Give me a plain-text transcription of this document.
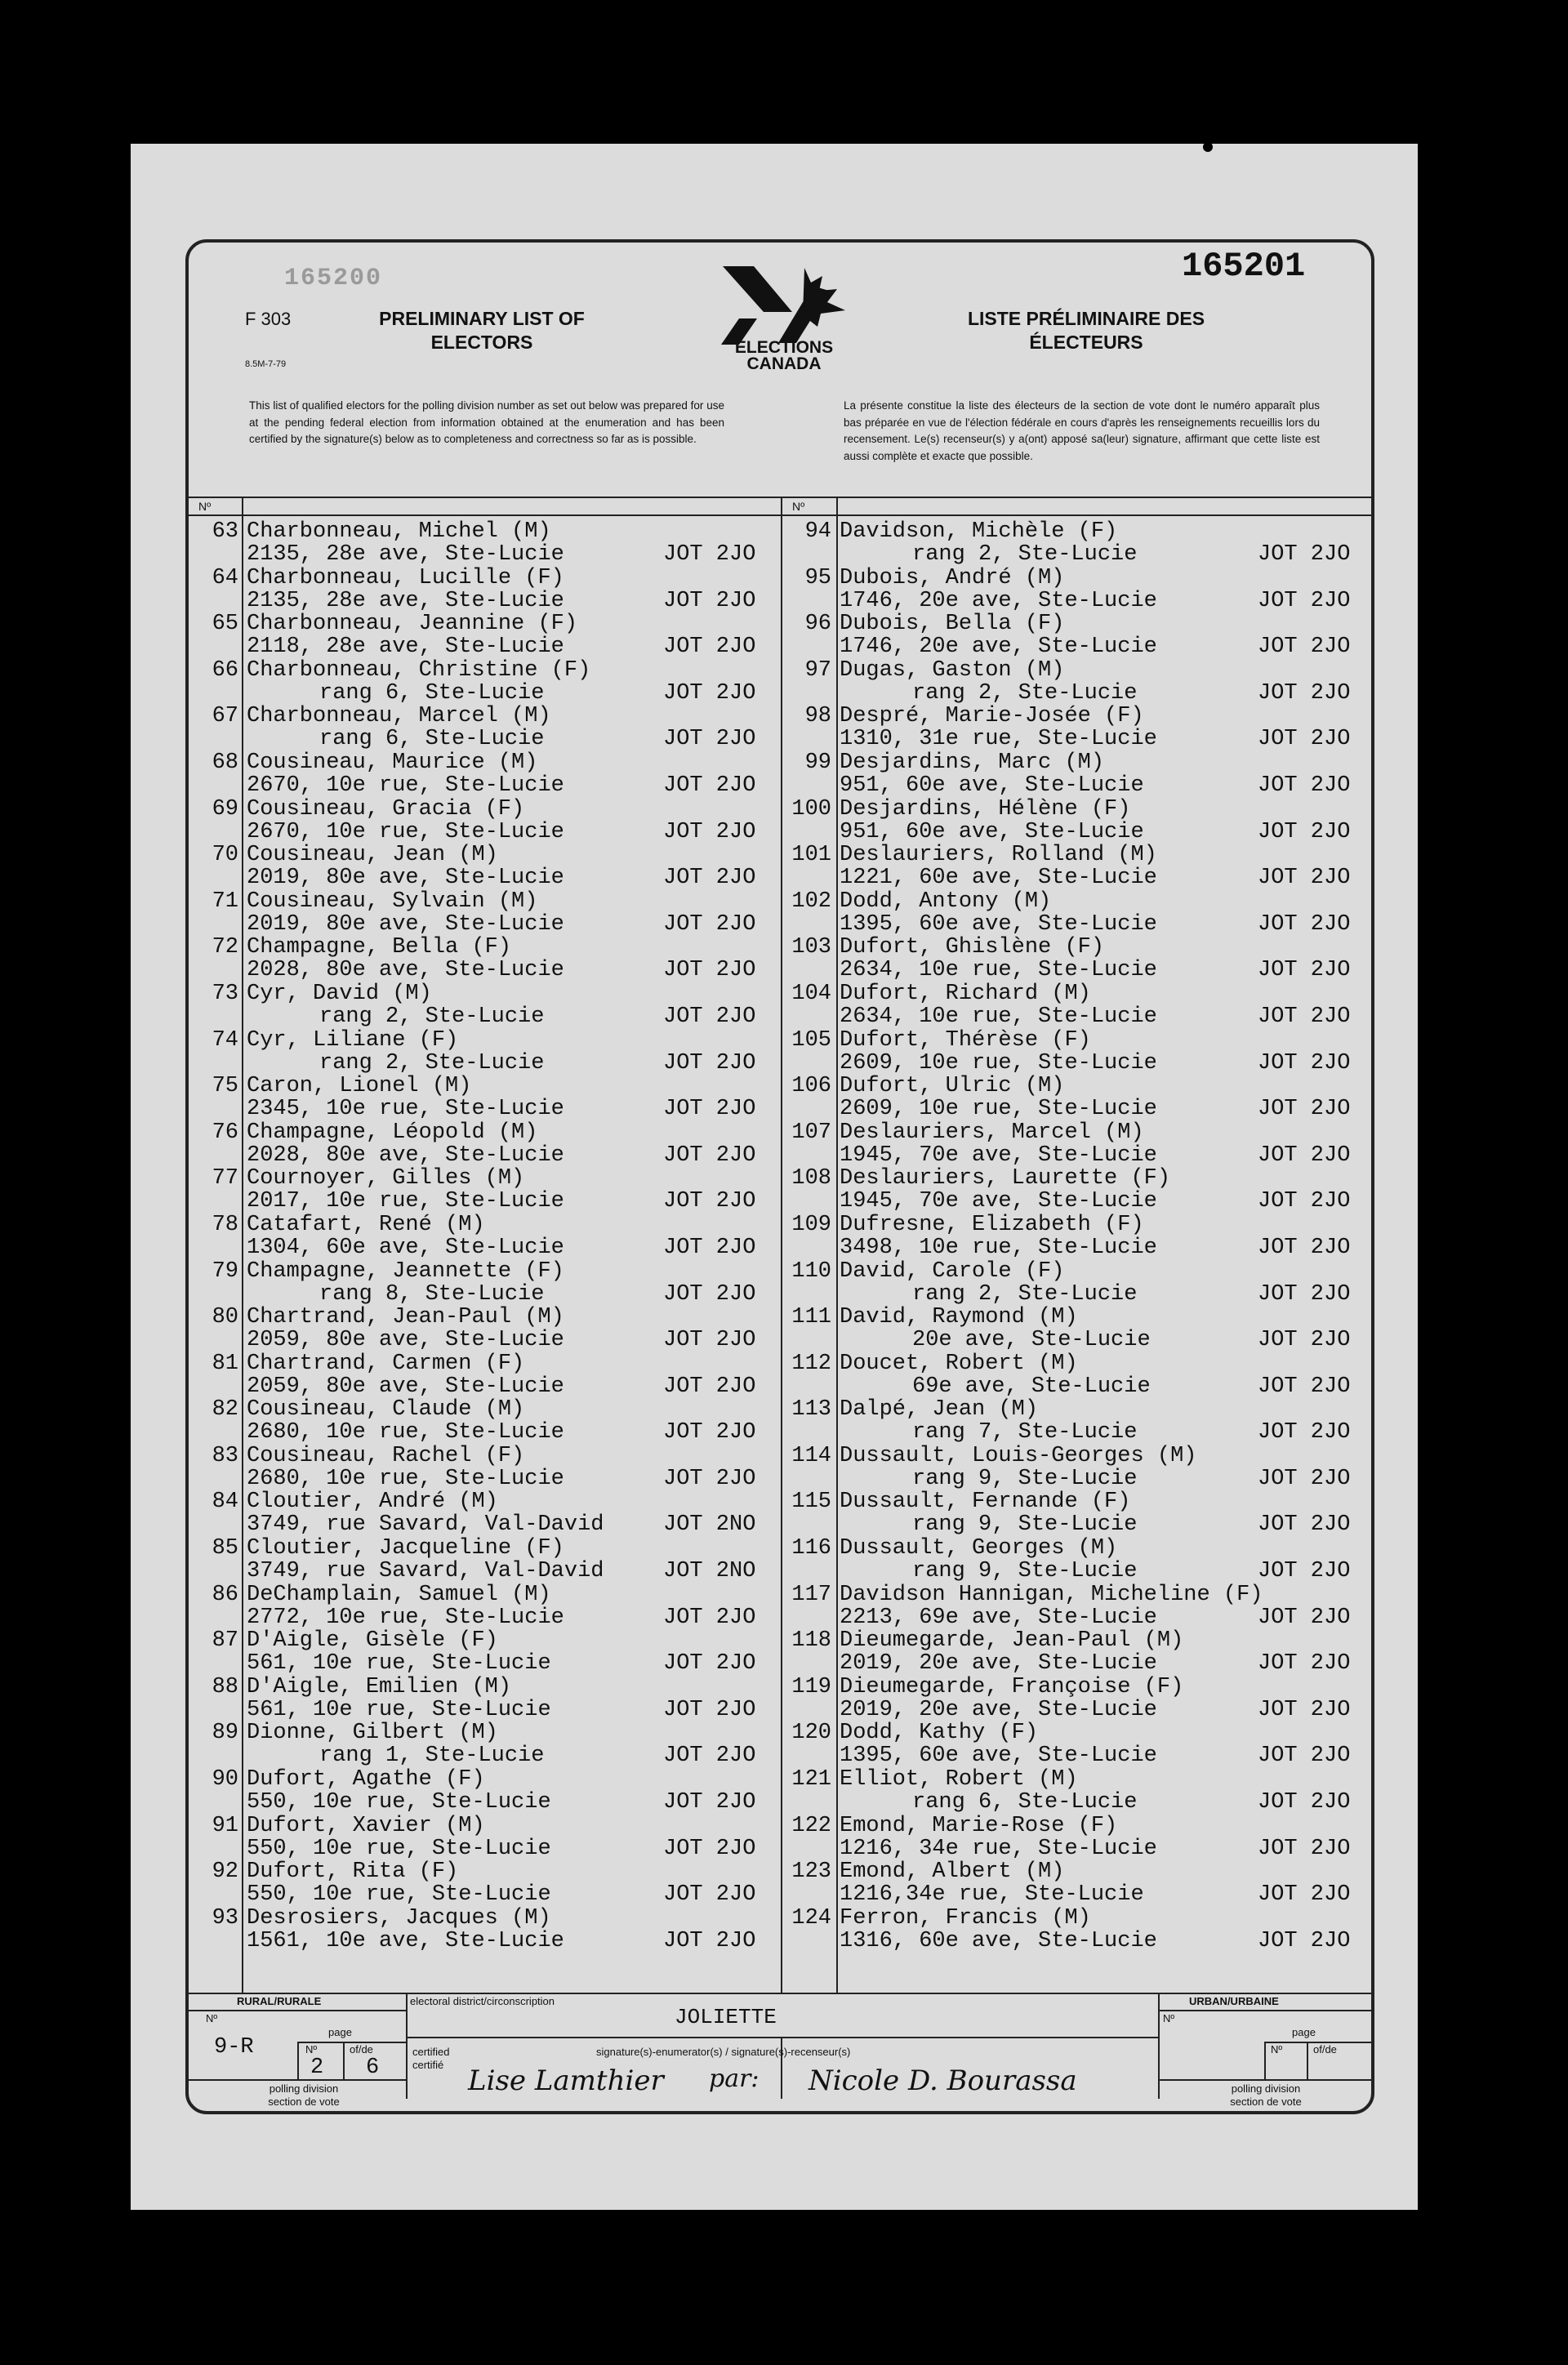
165200	165201
F 303
8.5M-7-79
PRELIMINARY LIST OF
ELECTORS
LISTE PRÉLIMINAIRE DES
ÉLECTEURS
ELECTIONS
CANADA
This list of qualified electors for the polling division number as set out below was prepared for use at the pending federal election from information obtained at the enumeration and has been certified by the signature(s) below as to completeness and correctness so far as is possible.
La présente constitue la liste des électeurs de la section de vote dont le numéro apparaît plus bas préparée en vue de l'élection fédérale en cours d'après les renseignements recueillis lors du recensement. Le(s) recenseur(s) y a(ont) apposé sa(leur) signature, affirmant que cette liste est aussi complète et exacte que possible.
Nº	Nº
63 Charbonneau, Michel (M)
2135, 28e ave, Ste-Lucie	JOT 2JO
64 Charbonneau, Lucille (F)
2135, 28e ave, Ste-Lucie	JOT 2JO
65 Charbonneau, Jeannine (F)
2118, 28e ave, Ste-Lucie	JOT 2JO
66 Charbonneau, Christine (F)
rang 6, Ste-Lucie	JOT 2JO
67 Charbonneau, Marcel (M)
rang 6, Ste-Lucie	JOT 2JO
68 Cousineau, Maurice (M)
2670, 10e rue, Ste-Lucie	JOT 2JO
69 Cousineau, Gracia (F)
2670, 10e rue, Ste-Lucie	JOT 2JO
70 Cousineau, Jean (M)
2019, 80e ave, Ste-Lucie	JOT 2JO
71 Cousineau, Sylvain (M)
2019, 80e ave, Ste-Lucie	JOT 2JO
72 Champagne, Bella (F)
2028, 80e ave, Ste-Lucie	JOT 2JO
73 Cyr, David (M)
rang 2, Ste-Lucie	JOT 2JO
74 Cyr, Liliane (F)
rang 2, Ste-Lucie	JOT 2JO
75 Caron, Lionel (M)
2345, 10e rue, Ste-Lucie	JOT 2JO
76 Champagne, Léopold (M)
2028, 80e ave, Ste-Lucie	JOT 2JO
77 Cournoyer, Gilles (M)
2017, 10e rue, Ste-Lucie	JOT 2JO
78 Catafart, René (M)
1304, 60e ave, Ste-Lucie	JOT 2JO
79 Champagne, Jeannette (F)
rang 8, Ste-Lucie	JOT 2JO
80 Chartrand, Jean-Paul (M)
2059, 80e ave, Ste-Lucie	JOT 2JO
81 Chartrand, Carmen (F)
2059, 80e ave, Ste-Lucie	JOT 2JO
82 Cousineau, Claude (M)
2680, 10e rue, Ste-Lucie	JOT 2JO
83 Cousineau, Rachel (F)
2680, 10e rue, Ste-Lucie	JOT 2JO
84 Cloutier, André (M)
3749, rue Savard, Val-David	JOT 2NO
85 Cloutier, Jacqueline (F)
3749, rue Savard, Val-David	JOT 2NO
86 DeChamplain, Samuel (M)
2772, 10e rue, Ste-Lucie	JOT 2JO
87 D'Aigle, Gisèle (F)
561, 10e rue, Ste-Lucie	JOT 2JO
88 D'Aigle, Emilien (M)
561, 10e rue, Ste-Lucie	JOT 2JO
89 Dionne, Gilbert (M)
rang 1, Ste-Lucie	JOT 2JO
90 Dufort, Agathe (F)
550, 10e rue, Ste-Lucie	JOT 2JO
91 Dufort, Xavier (M)
550, 10e rue, Ste-Lucie	JOT 2JO
92 Dufort, Rita (F)
550, 10e rue, Ste-Lucie	JOT 2JO
93 Desrosiers, Jacques (M)
1561, 10e ave, Ste-Lucie	JOT 2JO
94 Davidson, Michèle (F)
rang 2, Ste-Lucie	JOT 2JO
95 Dubois, André (M)
1746, 20e ave, Ste-Lucie	JOT 2JO
96 Dubois, Bella (F)
1746, 20e ave, Ste-Lucie	JOT 2JO
97 Dugas, Gaston (M)
rang 2, Ste-Lucie	JOT 2JO
98 Despré, Marie-Josée (F)
1310, 31e rue, Ste-Lucie	JOT 2JO
99 Desjardins, Marc (M)
951, 60e ave, Ste-Lucie	JOT 2JO
100 Desjardins, Hélène (F)
951, 60e ave, Ste-Lucie	JOT 2JO
101 Deslauriers, Rolland (M)
1221, 60e ave, Ste-Lucie	JOT 2JO
102 Dodd, Antony (M)
1395, 60e ave, Ste-Lucie	JOT 2JO
103 Dufort, Ghislène (F)
2634, 10e rue, Ste-Lucie	JOT 2JO
104 Dufort, Richard (M)
2634, 10e rue, Ste-Lucie	JOT 2JO
105 Dufort, Thérèse (F)
2609, 10e rue, Ste-Lucie	JOT 2JO
106 Dufort, Ulric (M)
2609, 10e rue, Ste-Lucie	JOT 2JO
107 Deslauriers, Marcel (M)
1945, 70e ave, Ste-Lucie	JOT 2JO
108 Deslauriers, Laurette (F)
1945, 70e ave, Ste-Lucie	JOT 2JO
109 Dufresne, Elizabeth (F)
3498, 10e rue, Ste-Lucie	JOT 2JO
110 David, Carole (F)
rang 2, Ste-Lucie	JOT 2JO
111 David, Raymond (M)
20e ave, Ste-Lucie	JOT 2JO
112 Doucet, Robert (M)
69e ave, Ste-Lucie	JOT 2JO
113 Dalpé, Jean (M)
rang 7, Ste-Lucie	JOT 2JO
114 Dussault, Louis-Georges (M)
rang 9, Ste-Lucie	JOT 2JO
115 Dussault, Fernande (F)
rang 9, Ste-Lucie	JOT 2JO
116 Dussault, Georges (M)
rang 9, Ste-Lucie	JOT 2JO
117 Davidson Hannigan, Micheline (F)
2213, 69e ave, Ste-Lucie	JOT 2JO
118 Dieumegarde, Jean-Paul (M)
2019, 20e ave, Ste-Lucie	JOT 2JO
119 Dieumegarde, Françoise (F)
2019, 20e ave, Ste-Lucie	JOT 2JO
120 Dodd, Kathy (F)
1395, 60e ave, Ste-Lucie	JOT 2JO
121 Elliot, Robert (M)
rang 6, Ste-Lucie	JOT 2JO
122 Emond, Marie-Rose (F)
1216, 34e rue, Ste-Lucie	JOT 2JO
123 Emond, Albert (M)
1216,34e rue, Ste-Lucie	JOT 2JO
124 Ferron, Francis (M)
1316, 60e ave, Ste-Lucie	JOT 2JO
RURAL/RURALE	electoral district/circonscription	URBAN/URBAINE
JOLIETTE
Nº
page
Nº
page
Nº	of/de	Nº	of/de
9-R
2 6
certified
certifié
signature(s)-enumerator(s) / signature(s)-recenseur(s)
polling division
section de vote
polling division
section de vote
Lise Lamthier par: Nicole D. Bourassa
